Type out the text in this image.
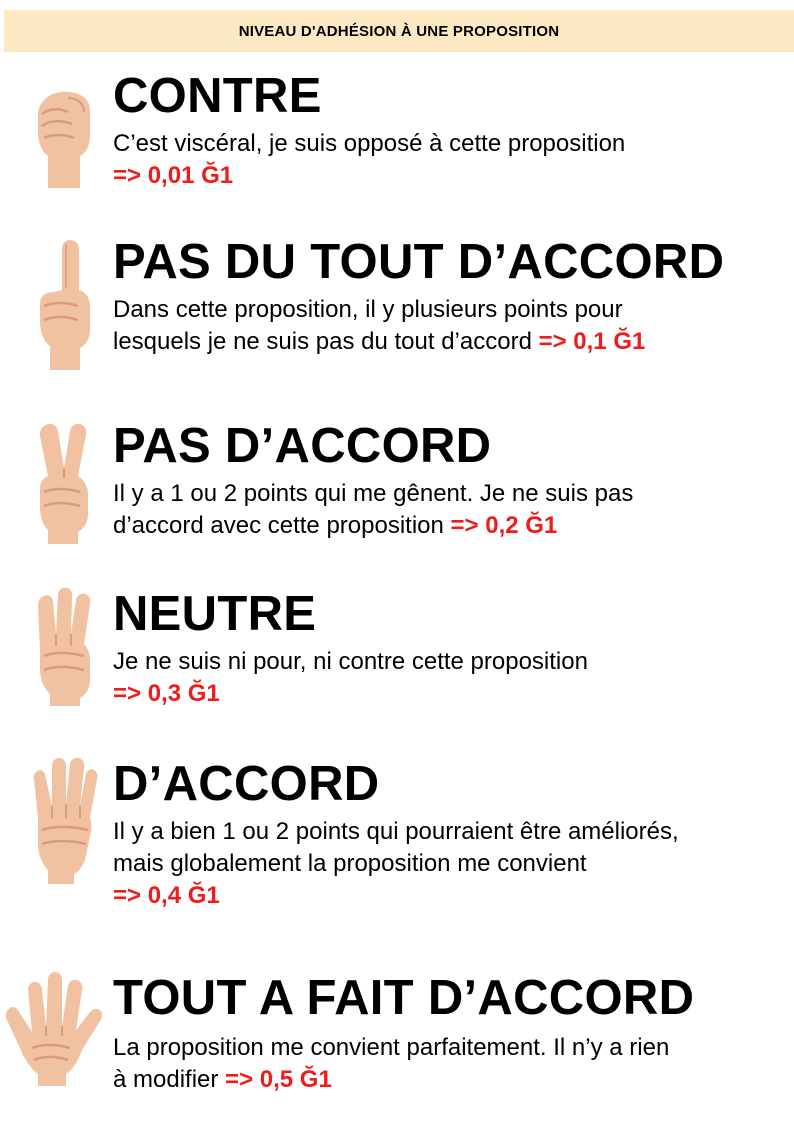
NIVEAU D'ADHÉSION À UNE PROPOSITION
CONTRE
C’est viscéral, je suis opposé à cette proposition
=> 0,01 Ğ1
PAS DU TOUT D’ACCORD
Dans cette proposition, il y plusieurs points pour
lesquels je ne suis pas du tout d’accord => 0,1 Ğ1
PAS D’ACCORD
Il y a 1 ou 2 points qui me gênent. Je ne suis pas
d’accord avec cette proposition => 0,2 Ğ1
NEUTRE
Je ne suis ni pour, ni contre cette proposition
=> 0,3 Ğ1
D’ACCORD
Il y a bien 1 ou 2 points qui pourraient être améliorés,
mais globalement la proposition me convient
=> 0,4 Ğ1
TOUT A FAIT D’ACCORD
La proposition me convient parfaitement. Il n’y a rien
à modifier => 0,5 Ğ1
